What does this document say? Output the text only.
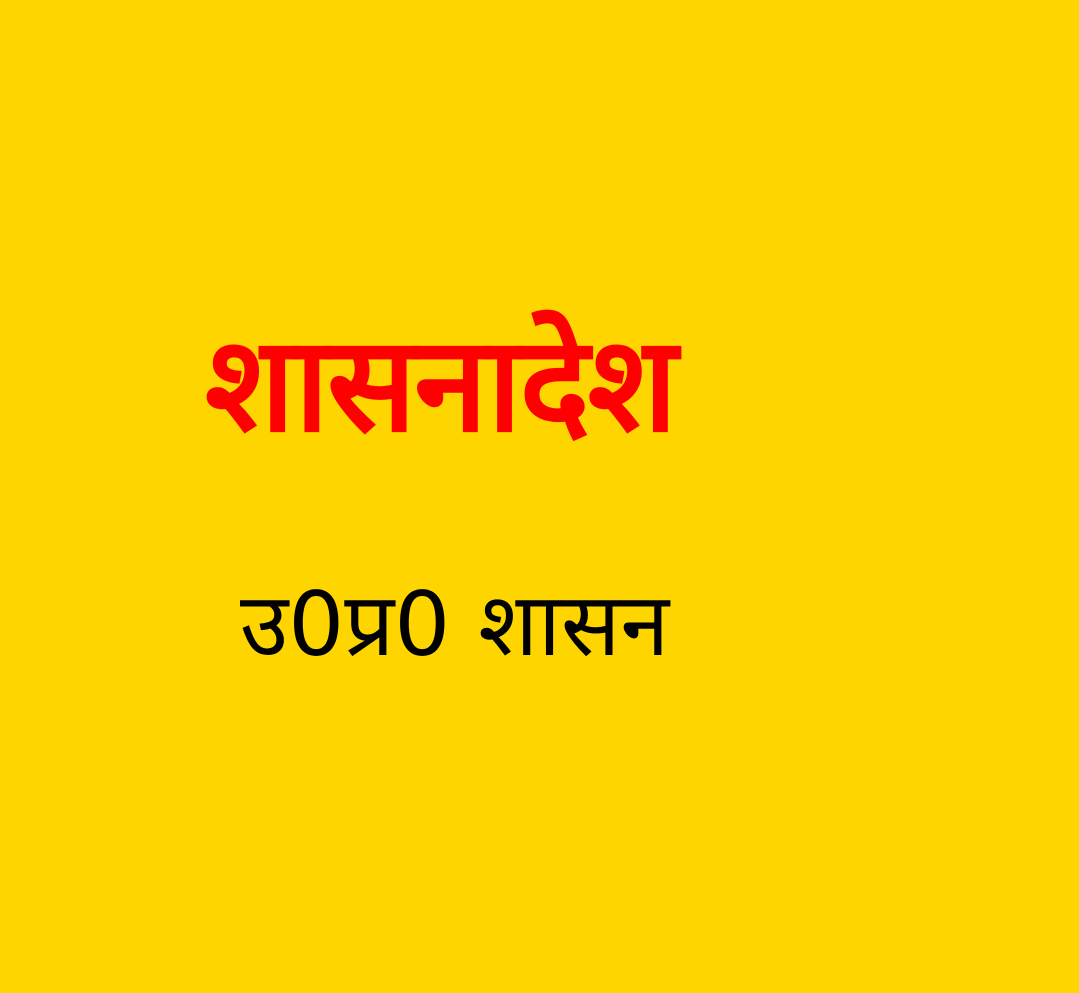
शासनादेश
उ0प्र0 शासन
